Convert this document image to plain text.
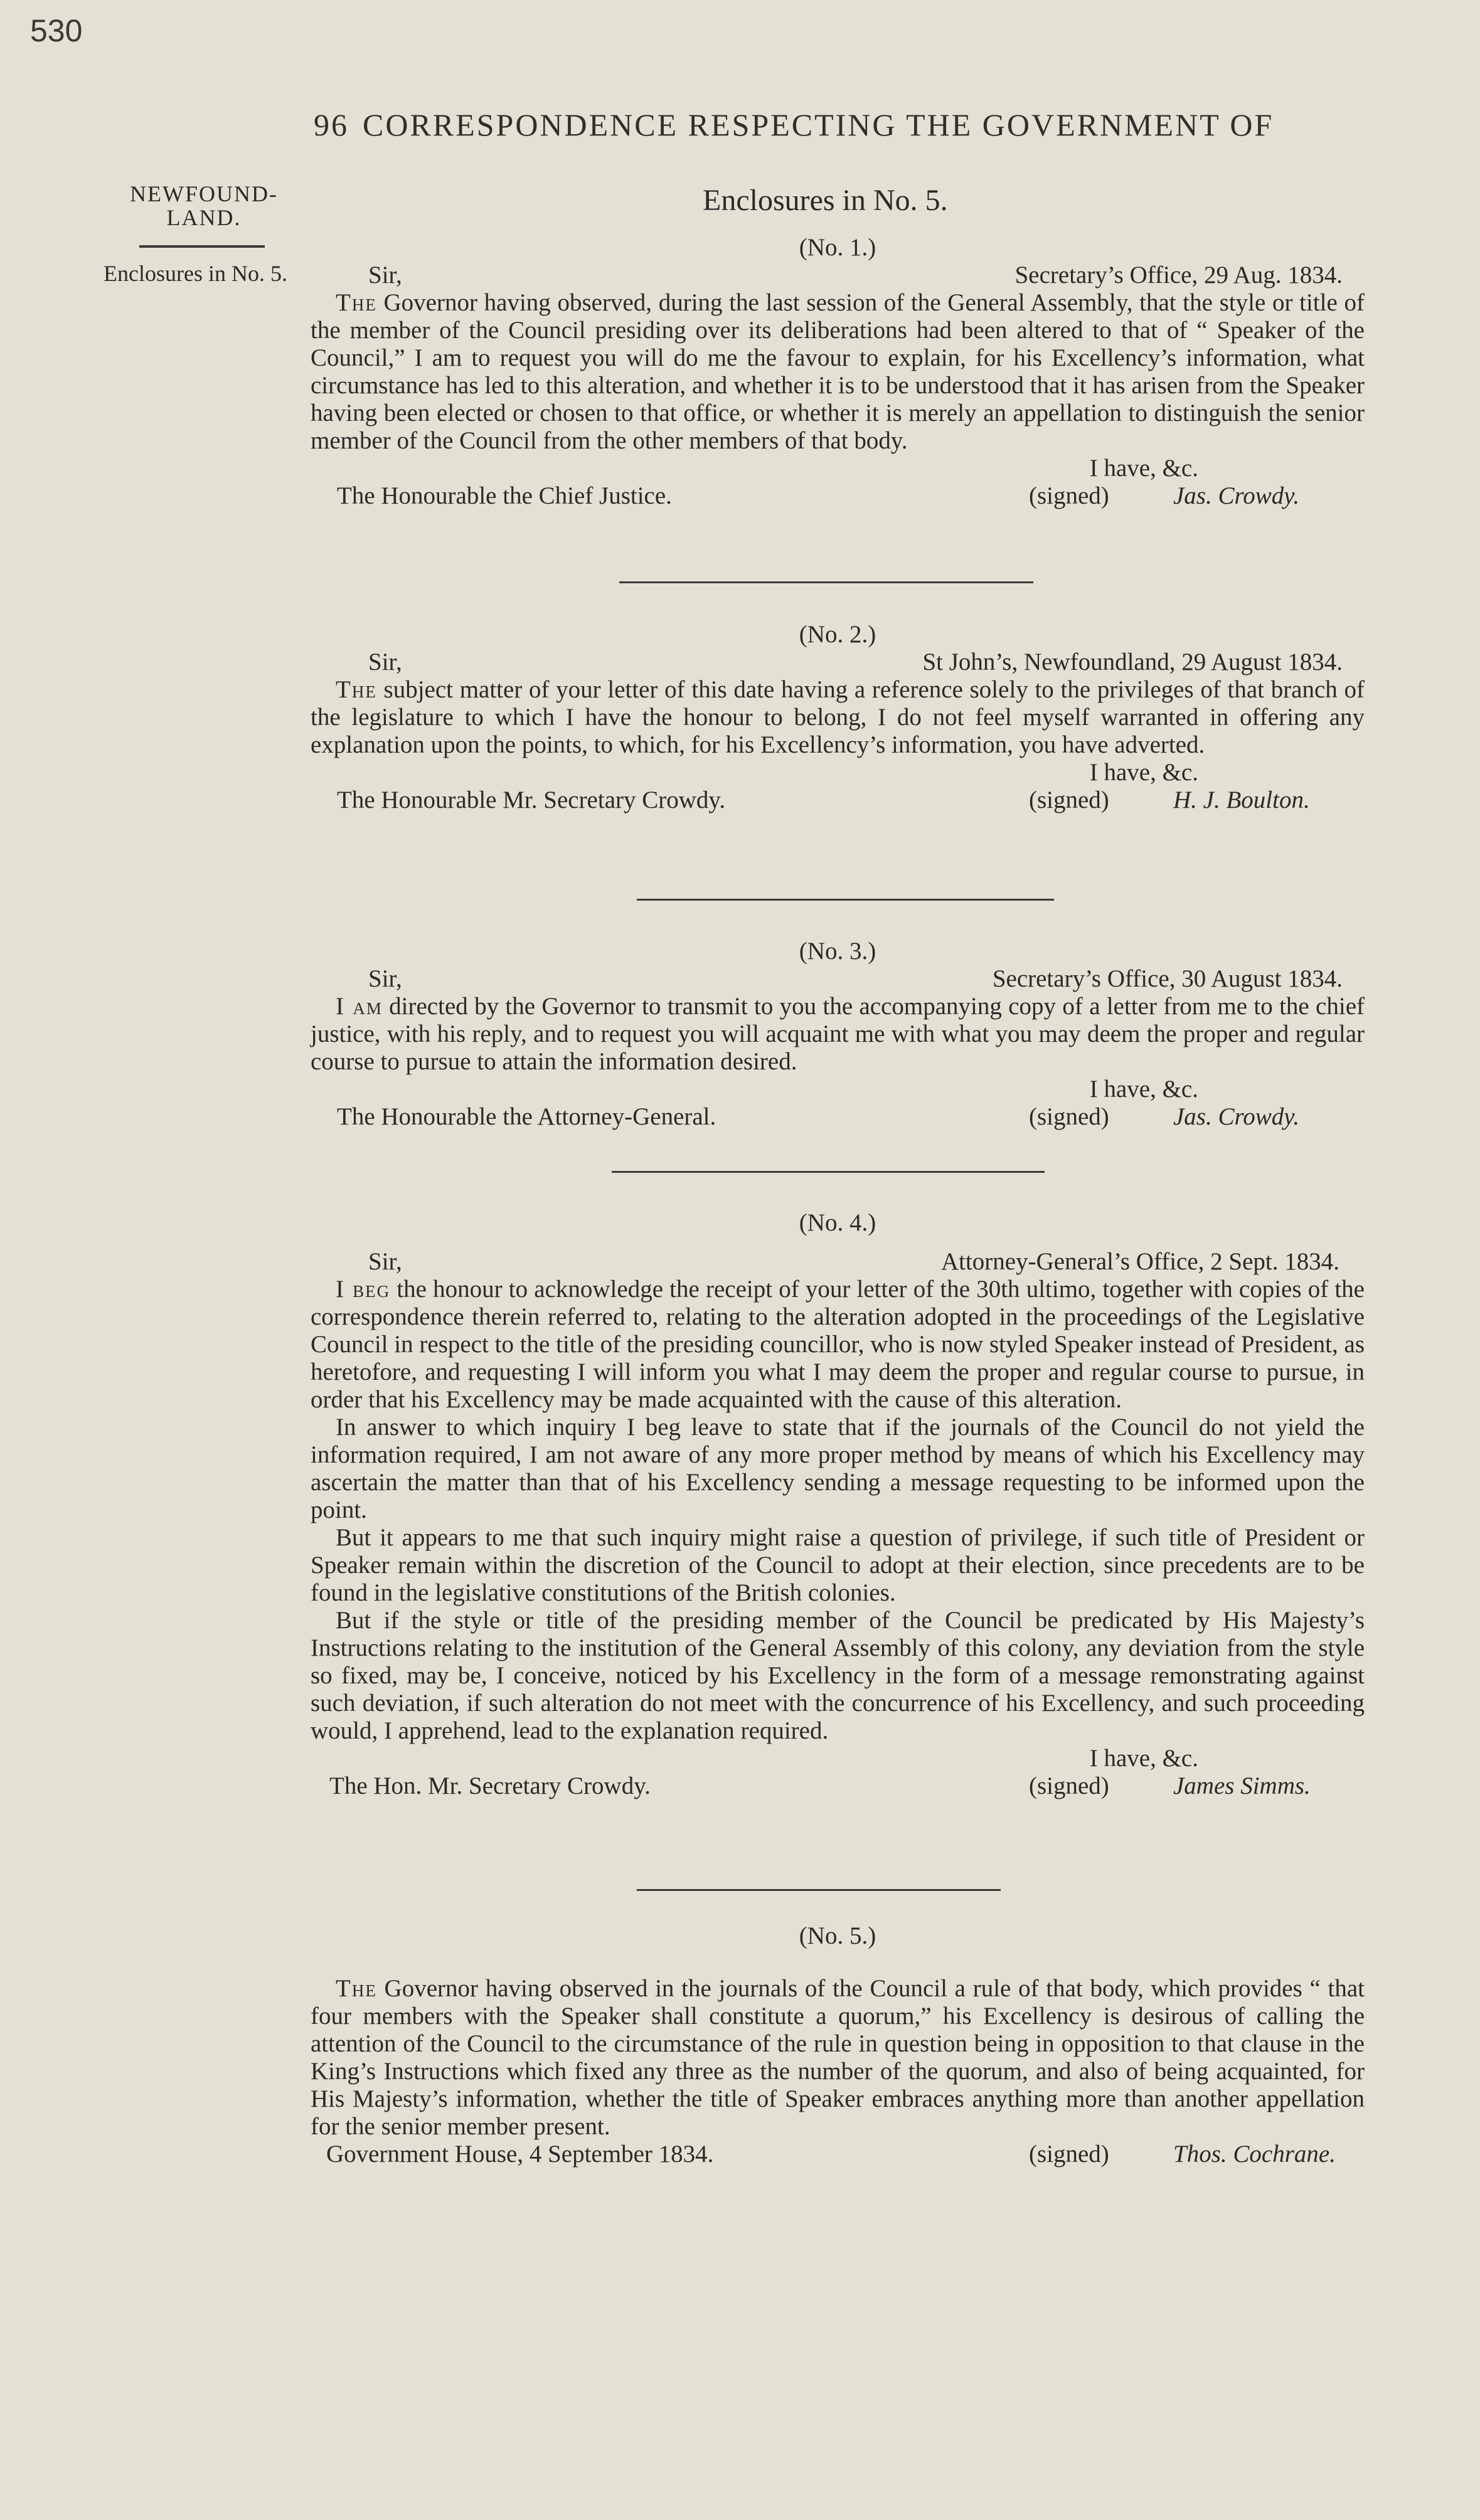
530
96 CORRESPONDENCE RESPECTING THE GOVERNMENT OF
NEWFOUND-
LAND.
Enclosures in No. 5.
Enclosures in No. 5.
(No. 1.)
Sir,	Secretary’s Office, 29 Aug. 1834.

The Governor having observed, during the last session of the General Assembly, that the style or title of the member of the Council presiding over its deliberations had been altered to that of “ Speaker of the Council,” I am to request you will do me the favour to explain, for his Excellency’s information, what circumstance has led to this alteration, and whether it is to be understood that it has arisen from the Speaker having been elected or chosen to that office, or whether it is merely an appellation to distinguish the senior member of the Council from the other members of that body.

I have, &c.
The Honourable the Chief Justice.	(signed)	Jas. Crowdy.
(No. 2.)
Sir,	St John’s, Newfoundland, 29 August 1834.

The subject matter of your letter of this date having a reference solely to the privileges of that branch of the legislature to which I have the honour to belong, I do not feel myself warranted in offering any explanation upon the points, to which, for his Excellency’s information, you have adverted.

I have, &c.
The Honourable Mr. Secretary Crowdy.	(signed)	H. J. Boulton.
(No. 3.)
Sir,	Secretary’s Office, 30 August 1834.

I am directed by the Governor to transmit to you the accompanying copy of a letter from me to the chief justice, with his reply, and to request you will acquaint me with what you may deem the proper and regular course to pursue to attain the information desired.

I have, &c.
The Honourable the Attorney-General.	(signed)	Jas. Crowdy.
(No. 4.)
Sir,	Attorney-General’s Office, 2 Sept. 1834.

I beg the honour to acknowledge the receipt of your letter of the 30th ultimo, together with copies of the correspondence therein referred to, relating to the alteration adopted in the proceedings of the Legislative Council in respect to the title of the presiding councillor, who is now styled Speaker instead of President, as heretofore, and requesting I will inform you what I may deem the proper and regular course to pursue, in order that his Excellency may be made acquainted with the cause of this alteration.

In answer to which inquiry I beg leave to state that if the journals of the Council do not yield the information required, I am not aware of any more proper method by means of which his Excellency may ascertain the matter than that of his Excellency sending a message requesting to be informed upon the point.

But it appears to me that such inquiry might raise a question of privilege, if such title of President or Speaker remain within the discretion of the Council to adopt at their election, since precedents are to be found in the legislative constitutions of the British colonies.

But if the style or title of the presiding member of the Council be predicated by His Majesty’s Instructions relating to the institution of the General Assembly of this colony, any deviation from the style so fixed, may be, I conceive, noticed by his Excellency in the form of a message remonstrating against such deviation, if such alteration do not meet with the concurrence of his Excellency, and such proceeding would, I apprehend, lead to the explanation required.

I have, &c.
The Hon. Mr. Secretary Crowdy.	(signed)	James Simms.
(No. 5.)

The Governor having observed in the journals of the Council a rule of that body, which provides “ that four members with the Speaker shall constitute a quorum,” his Excellency is desirous of calling the attention of the Council to the circumstance of the rule in question being in opposition to that clause in the King’s Instructions which fixed any three as the number of the quorum, and also of being acquainted, for His Majesty’s information, whether the title of Speaker embraces anything more than another appellation for the senior member present.

Government House, 4 September 1834.	(signed)	Thos. Cochrane.
